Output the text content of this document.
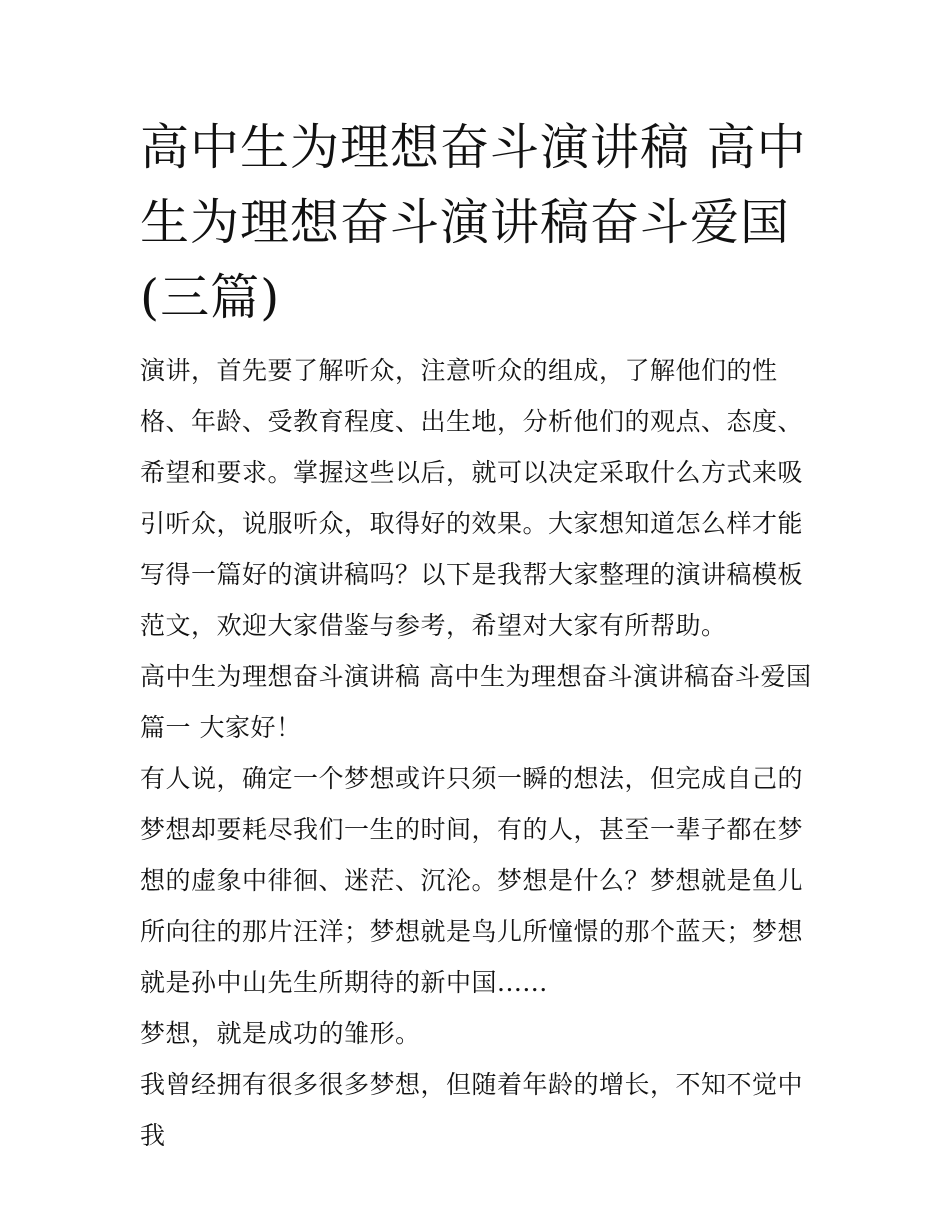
高中生为理想奋斗演讲稿 高中生为理想奋斗演讲稿奋斗爱国(三篇)

演讲，首先要了解听众，注意听众的组成，了解他们的性格、年龄、受教育程度、出生地，分析他们的观点、态度、希望和要求。掌握这些以后，就可以决定采取什么方式来吸引听众，说服听众，取得好的效果。大家想知道怎么样才能写得一篇好的演讲稿吗？以下是我帮大家整理的演讲稿模板范文，欢迎大家借鉴与参考，希望对大家有所帮助。

高中生为理想奋斗演讲稿 高中生为理想奋斗演讲稿奋斗爱国篇一 大家好！

有人说，确定一个梦想或许只须一瞬的想法，但完成自己的梦想却要耗尽我们一生的时间，有的人，甚至一辈子都在梦想的虚象中徘徊、迷茫、沉沦。梦想是什么？梦想就是鱼儿所向往的那片汪洋；梦想就是鸟儿所憧憬的那个蓝天；梦想就是孙中山先生所期待的新中国......

梦想，就是成功的雏形。

我曾经拥有很多很多梦想，但随着年龄的增长，不知不觉中我
